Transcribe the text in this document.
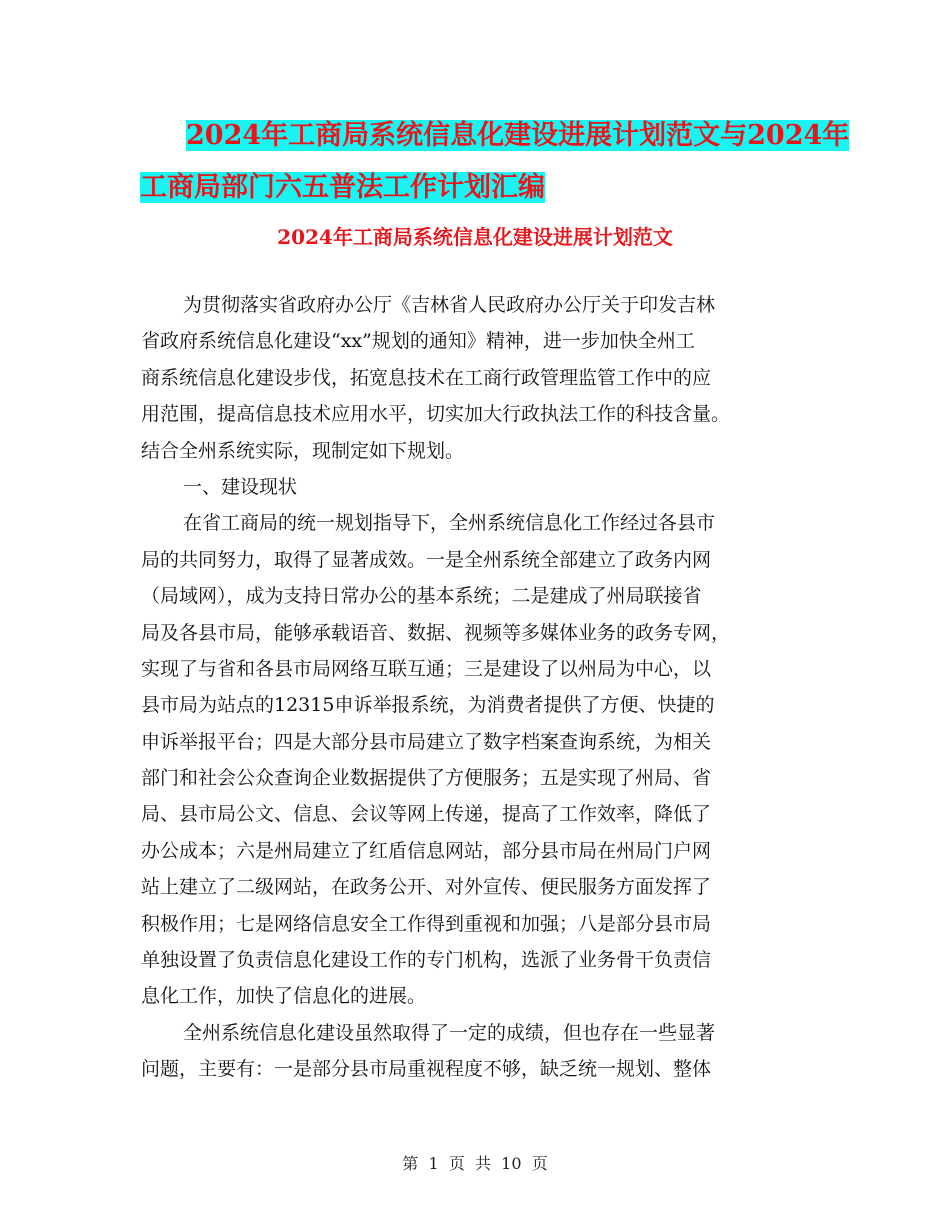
2024年工商局系统信息化建设进展计划范文与2024年
工商局部门六五普法工作计划汇编
2024年工商局系统信息化建设进展计划范文
为贯彻落实省政府办公厅《吉林省人民政府办公厅关于印发吉林
省政府系统信息化建设“xx”规划的通知》精神，进一步加快全州工
商系统信息化建设步伐，拓宽息技术在工商行政管理监管工作中的应
用范围，提高信息技术应用水平，切实加大行政执法工作的科技含量。
结合全州系统实际，现制定如下规划。
一、建设现状
在省工商局的统一规划指导下，全州系统信息化工作经过各县市
局的共同努力，取得了显著成效。一是全州系统全部建立了政务内网
（局域网），成为支持日常办公的基本系统；二是建成了州局联接省
局及各县市局，能够承载语音、数据、视频等多媒体业务的政务专网，
实现了与省和各县市局网络互联互通；三是建设了以州局为中心，以
县市局为站点的12315申诉举报系统，为消费者提供了方便、快捷的
申诉举报平台；四是大部分县市局建立了数字档案查询系统，为相关
部门和社会公众查询企业数据提供了方便服务；五是实现了州局、省
局、县市局公文、信息、会议等网上传递，提高了工作效率，降低了
办公成本；六是州局建立了红盾信息网站，部分县市局在州局门户网
站上建立了二级网站，在政务公开、对外宣传、便民服务方面发挥了
积极作用；七是网络信息安全工作得到重视和加强；八是部分县市局
单独设置了负责信息化建设工作的专门机构，选派了业务骨干负责信
息化工作，加快了信息化的进展。
全州系统信息化建设虽然取得了一定的成绩，但也存在一些显著
问题，主要有：一是部分县市局重视程度不够，缺乏统一规划、整体
第  1  页  共  10  页
